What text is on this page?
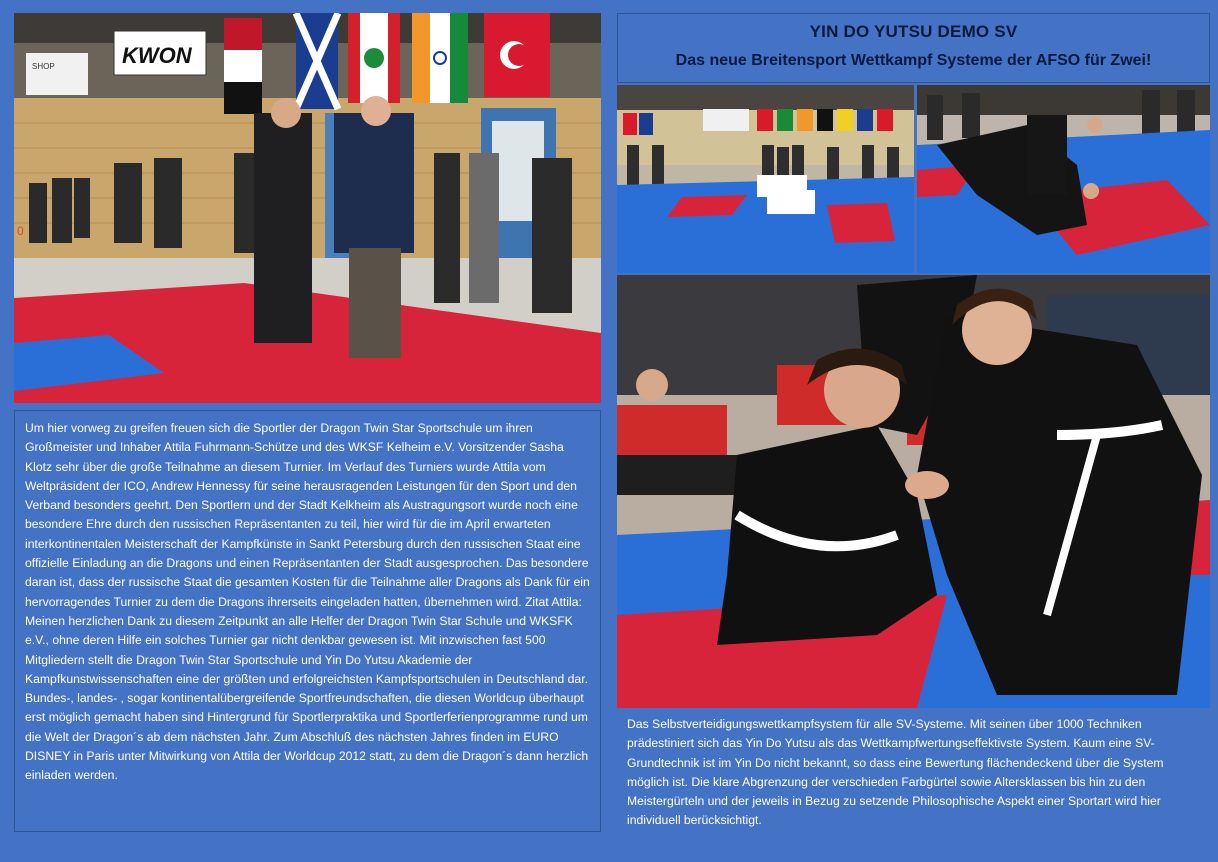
KWON
SHOP
0
YIN DO YUTSU DEMO SV
Das neue Breitensport Wettkampf Systeme der AFSO für Zwei!

Um hier vorweg zu greifen freuen sich die Sportler der Dragon Twin Star Sportschule um ihren Großmeister und Inhaber Attila Fuhrmann-Schütze und des WKSF Kelheim e.V. Vorsitzender Sasha Klotz sehr über die große Teilnahme an diesem Turnier. Im Verlauf des Turniers wurde Attila vom Weltpräsident der ICO, Andrew Hennessy für seine herausragenden Leistungen für den Sport und den Verband besonders geehrt. Den Sportlern und der Stadt Kelkheim als Austragungsort wurde noch eine besondere Ehre durch den russischen Repräsentanten zu teil, hier wird für die im April erwarteten interkontinentalen Meisterschaft der Kampfkünste in Sankt Petersburg durch den russischen Staat eine offizielle Einladung an die Dragons und einen Repräsentanten der Stadt ausgesprochen. Das besondere daran ist, dass der russische Staat die gesamten Kosten für die Teilnahme aller Dragons als Dank für ein hervorragendes Turnier zu dem die Dragons ihrerseits eingeladen hatten, übernehmen wird. Zitat Attila: Meinen herzlichen Dank zu diesem Zeitpunkt an alle Helfer der Dragon Twin Star Schule und WKSFK e.V., ohne deren Hilfe ein solches Turnier gar nicht denkbar gewesen ist. Mit inzwischen fast 500 Mitgliedern stellt die Dragon Twin Star Sportschule und Yin Do Yutsu Akademie der Kampfkunstwissenschaften eine der größten und erfolgreichsten Kampfsportschulen in Deutschland dar. Bundes-, landes- , sogar kontinentalübergreifende Sportfreundschaften, die diesen Worldcup überhaupt erst möglich gemacht haben sind Hintergrund für Sportlerpraktika und Sportlerferienprogramme rund um die Welt der Dragon´s ab dem nächsten Jahr. Zum Abschluß des nächsten Jahres finden im EURO DISNEY in Paris unter Mitwirkung von Attila der Worldcup 2012 statt, zu dem die Dragon´s dann herzlich einladen werden.

Das Selbstverteidigungswettkampfsystem für alle SV-Systeme. Mit seinen über 1000 Techniken prädestiniert sich das Yin Do Yutsu als das Wettkampfwertungseffektivste System. Kaum eine SV-Grundtechnik ist im Yin Do nicht bekannt, so dass eine Bewertung flächendeckend über die System möglich ist. Die klare Abgrenzung der verschieden Farbgürtel sowie Altersklassen bis hin zu den Meistergürteln und der jeweils in Bezug zu setzende Philosophische Aspekt einer Sportart wird hier individuell berücksichtigt.
